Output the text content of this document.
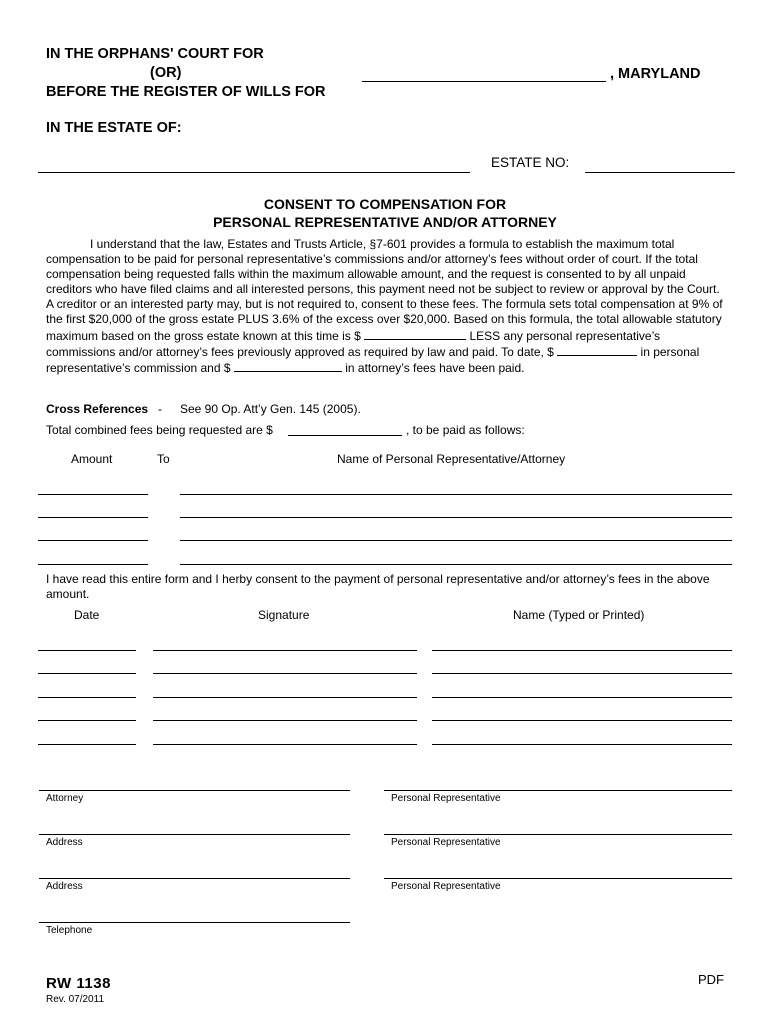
IN THE ORPHANS' COURT FOR
(OR)
BEFORE THE REGISTER OF WILLS FOR
, MARYLAND
IN THE ESTATE OF:
ESTATE NO:
CONSENT TO COMPENSATION FOR
PERSONAL REPRESENTATIVE AND/OR ATTORNEY
I understand that the law, Estates and Trusts Article, §7-601 provides a formula to establish the maximum total compensation to be paid for personal representative’s commissions and/or attorney’s fees without order of court. If the total compensation being requested falls within the maximum allowable amount, and the request is consented to by all unpaid creditors who have filed claims and all interested persons, this payment need not be subject to review or approval by the Court. A creditor or an interested party may, but is not required to, consent to these fees. The formula sets total compensation at 9% of the first $20,000 of the gross estate PLUS 3.6% of the excess over $20,000. Based on this formula, the total allowable statutory maximum based on the gross estate known at this time is $	LESS any personal representative’s commissions and/or attorney’s fees previously approved as required by law and paid. To date, $	in personal representative’s commission and $	in attorney’s fees have been paid.
Cross References - See 90 Op. Att’y Gen. 145 (2005).
Total combined fees being requested are $	, to be paid as follows:
Amount	To	Name of Personal Representative/Attorney
I have read this entire form and I herby consent to the payment of personal representative and/or attorney’s fees in the above amount.
Date	Signature	Name (Typed or Printed)
Attorney	Personal Representative
Address	Personal Representative
Address	Personal Representative
Telephone
RW 1138
Rev. 07/2011
PDF
